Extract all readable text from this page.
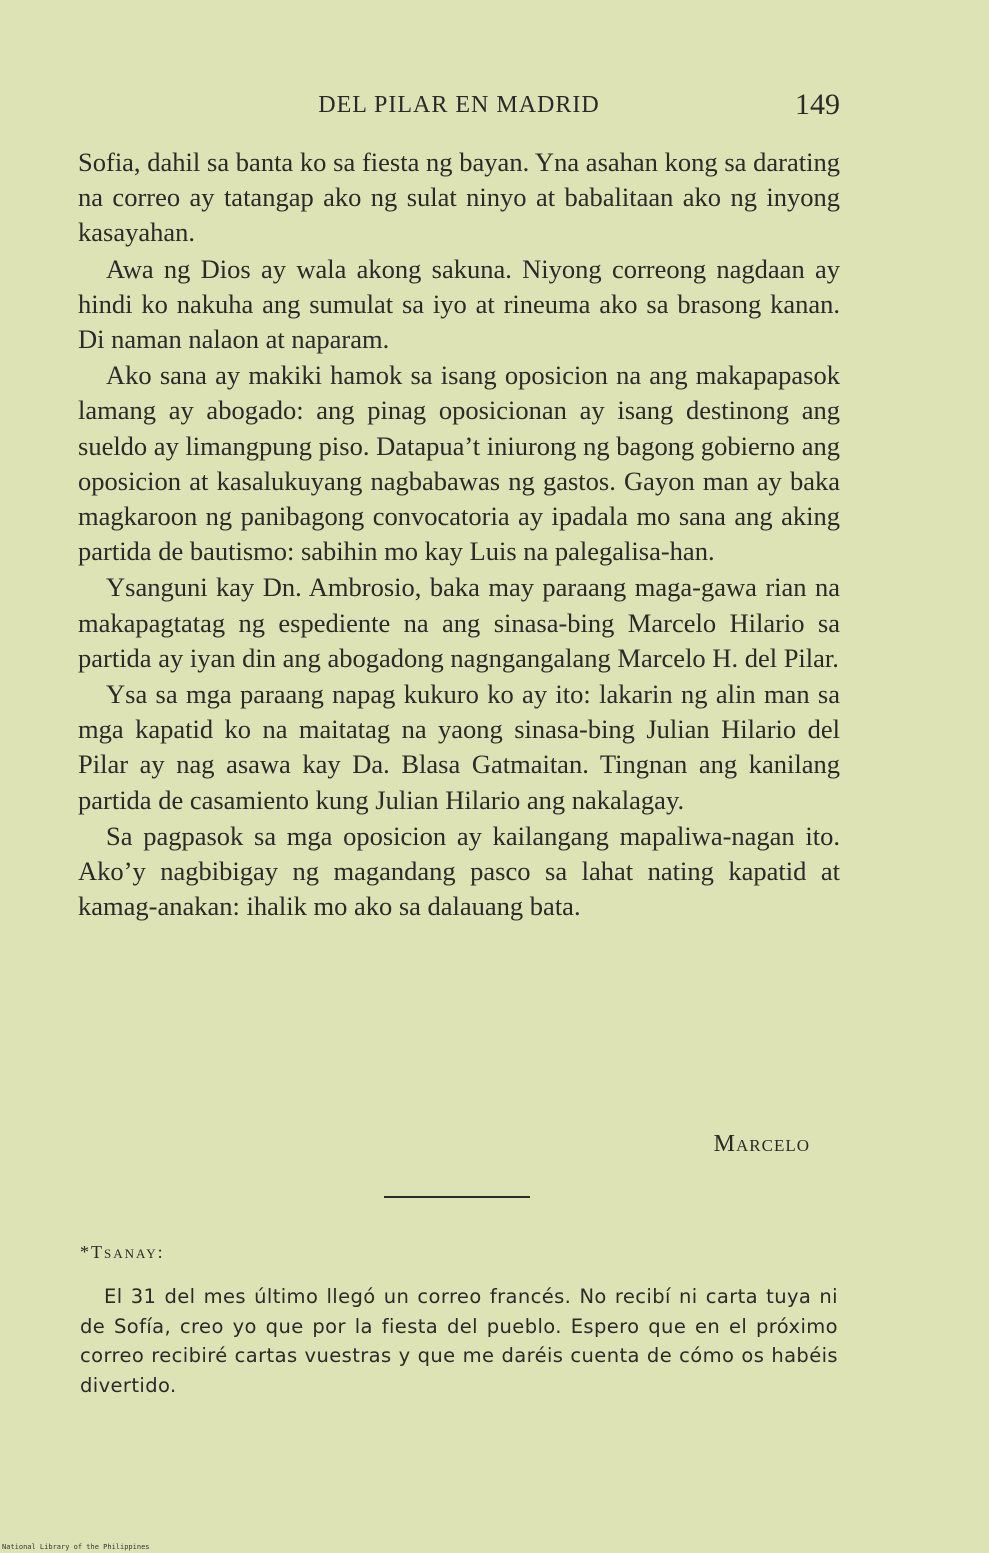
DEL PILAR EN MADRID	149

Sofia, dahil sa banta ko sa fiesta ng bayan. Yna asahan kong sa darating na correo ay tatangap ako ng sulat ninyo at babalitaan ako ng inyong kasayahan.

Awa ng Dios ay wala akong sakuna. Niyong correong nagdaan ay hindi ko nakuha ang sumulat sa iyo at rineuma ako sa brasong kanan. Di naman nalaon at naparam.

Ako sana ay makiki hamok sa isang oposicion na ang makapapasok lamang ay abogado: ang pinag oposicionan ay isang destinong ang sueldo ay limangpung piso. Datapua’t iniurong ng bagong gobierno ang oposicion at kasalukuyang nagbabawas ng gastos. Gayon man ay baka magkaroon ng panibagong convocatoria ay ipadala mo sana ang aking partida de bautismo: sabihin mo kay Luis na palegalisa-han.

Ysanguni kay Dn. Ambrosio, baka may paraang maga-gawa rian na makapagtatag ng espediente na ang sinasa-bing Marcelo Hilario sa partida ay iyan din ang abogadong nagngangalang Marcelo H. del Pilar.

Ysa sa mga paraang napag kukuro ko ay ito: lakarin ng alin man sa mga kapatid ko na maitatag na yaong sinasa-bing Julian Hilario del Pilar ay nag asawa kay Da. Blasa Gatmaitan. Tingnan ang kanilang partida de casamiento kung Julian Hilario ang nakalagay.

Sa pagpasok sa mga oposicion ay kailangang mapaliwa-nagan ito. Ako’y nagbibigay ng magandang pasco sa lahat nating kapatid at kamag-anakan: ihalik mo ako sa dalauang bata.

Marcelo
*Tsanay:
El 31 del mes último llegó un correo francés. No recibí ni carta tuya ni de Sofía, creo yo que por la fiesta del pueblo. Espero que en el próximo correo recibiré cartas vuestras y que me daréis cuenta de cómo os habéis divertido.
National Library of the Philippines
